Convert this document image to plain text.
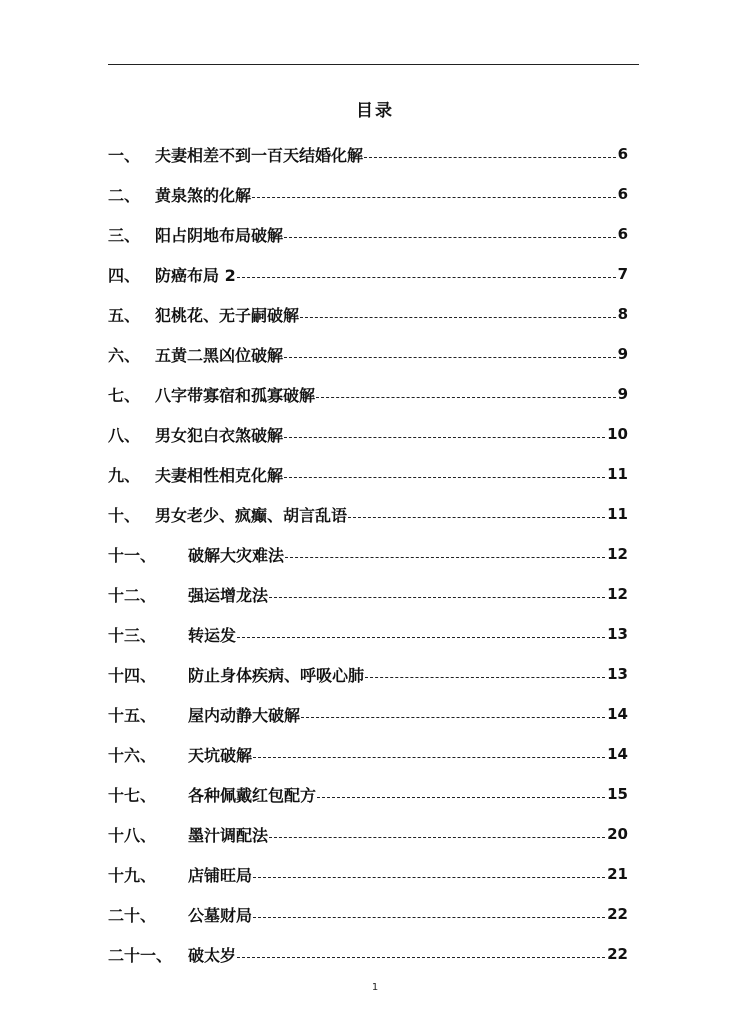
目录
一、 夫妻相差不到一百天结婚化解	6
二、 黄泉煞的化解	6
三、 阳占阴地布局破解	6
四、 防癌布局 2	7
五、 犯桃花、无子嗣破解	8
六、 五黄二黑凶位破解	9
七、 八字带寡宿和孤寡破解	9
八、 男女犯白衣煞破解	10
九、 夫妻相性相克化解	11
十、 男女老少、疯癫、胡言乱语	11
十一、	破解大灾难法	12
十二、	强运增龙法	12
十三、	转运发	13
十四、	防止身体疾病、呼吸心肺	13
十五、	屋内动静大破解	14
十六、	天坑破解	14
十七、	各种佩戴红包配方	15
十八、	墨汁调配法	20
十九、	店铺旺局	21
二十、	公墓财局	22
二十一、 破太岁	22
1
